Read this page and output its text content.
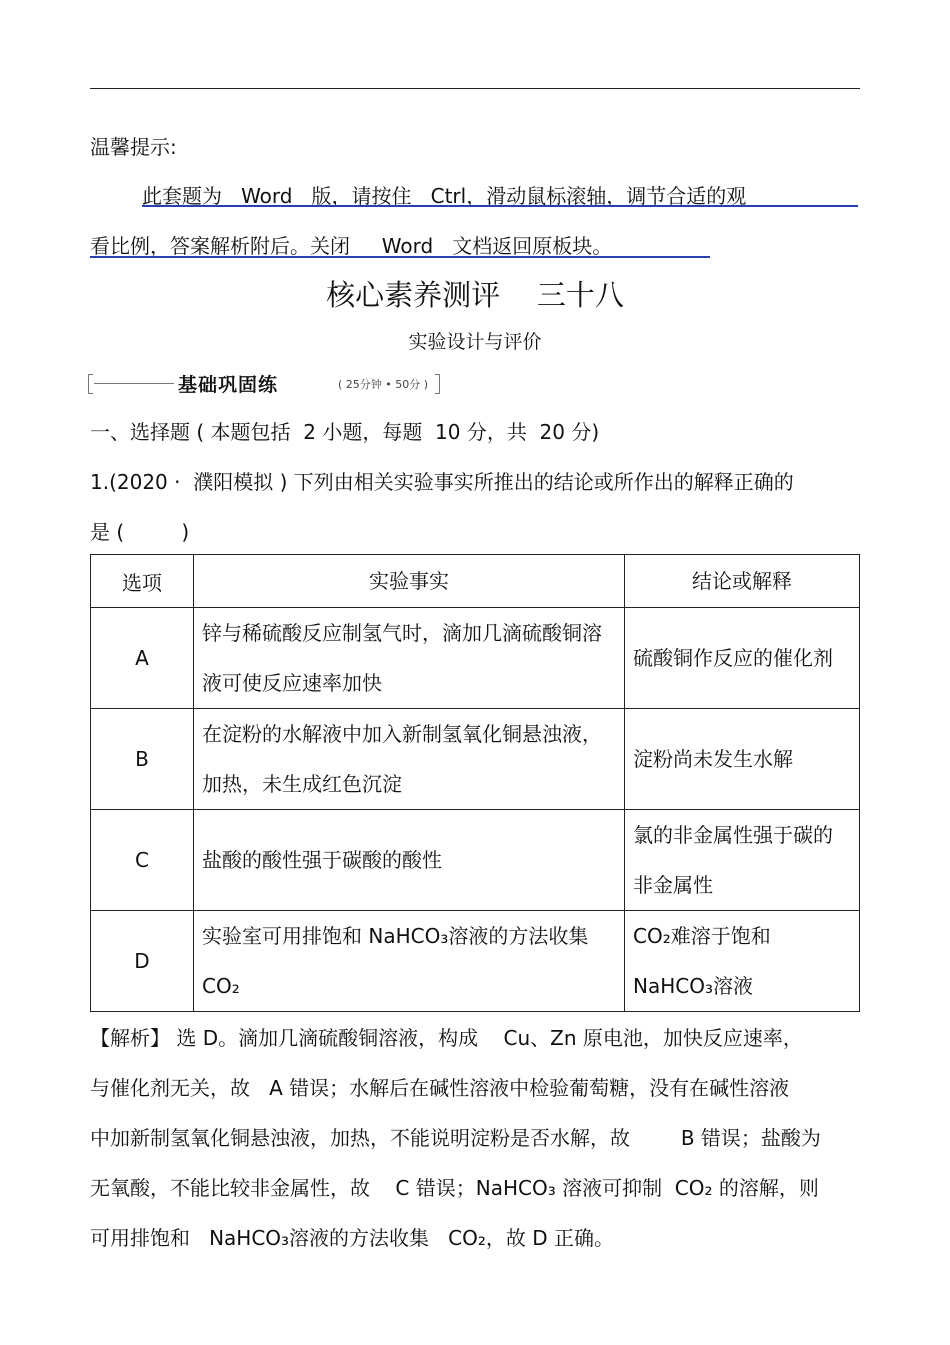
温馨提示:
此套题为   Word   版，请按住   Ctrl，滑动鼠标滚轴，调节合适的观
看比例，答案解析附后。关闭     Word   文档返回原板块。
核心素养测评    三十八
实验设计与评价
基础巩固练	( 25分钟 • 50分 )
一、选择题 ( 本题包括  2 小题，每题  10 分，共  20 分)
1.(2020 ·  濮阳模拟 ) 下列由相关实验事实所推出的结论或所作出的解释正确的
是 (         )
选项	实验事实	结论或解释
A	锌与稀硫酸反应制氢气时，滴加几滴硫酸铜溶液可使反应速率加快	硫酸铜作反应的催化剂
B	在淀粉的水解液中加入新制氢氧化铜悬浊液，加热，未生成红色沉淀	淀粉尚未发生水解
C	盐酸的酸性强于碳酸的酸性	氯的非金属性强于碳的非金属性
D	实验室可用排饱和 NaHCO₃溶液的方法收集 CO₂	CO₂难溶于饱和 NaHCO₃溶液
【解析】 选 D。滴加几滴硫酸铜溶液，构成    Cu、Zn 原电池，加快反应速率，
与催化剂无关，故   A 错误；水解后在碱性溶液中检验葡萄糖，没有在碱性溶液
中加新制氢氧化铜悬浊液，加热，不能说明淀粉是否水解，故        B 错误；盐酸为
无氧酸，不能比较非金属性，故    C 错误；NaHCO₃ 溶液可抑制  CO₂ 的溶解，则
可用排饱和   NaHCO₃溶液的方法收集   CO₂，故 D 正确。
